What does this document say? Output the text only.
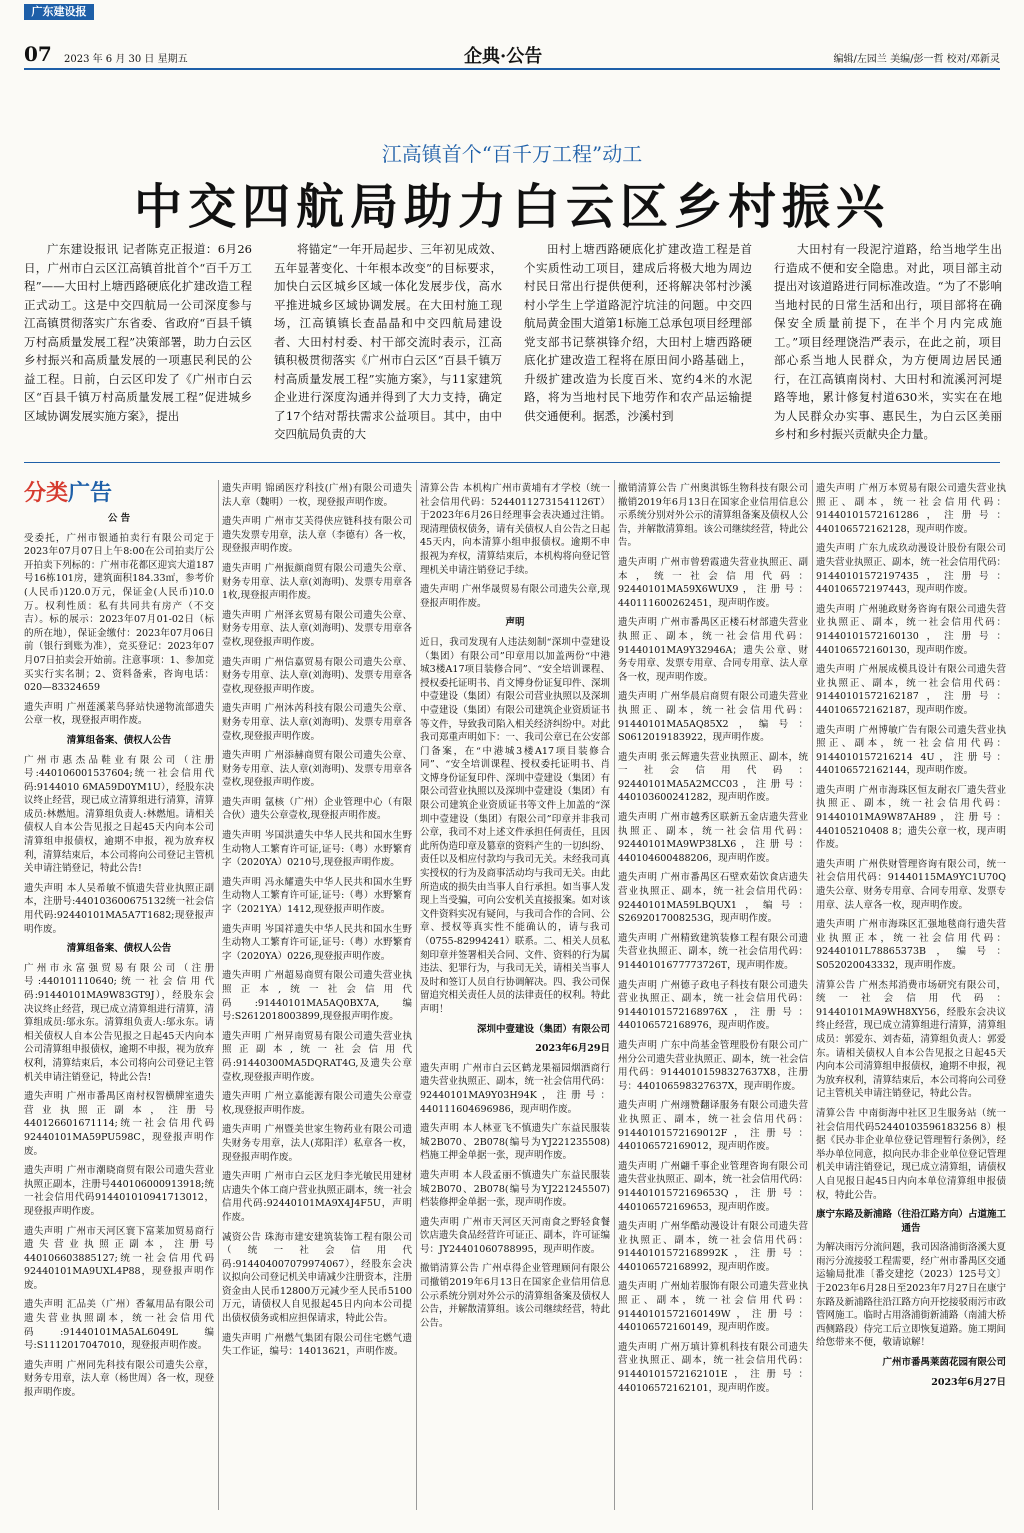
广东建设报
07 2023 年 6 月 30 日 星期五	企典·公告	编辑/左园兰 美编/彭一哲 校对/邓新灵
江高镇首个“百千万工程”动工
中交四航局助力白云区乡村振兴

广东建设报讯 记者陈克正报道：6月26日，广州市白云区江高镇首批首个“百千万工程”——大田村上塘西路硬底化扩建改造工程正式动工。这是中交四航局一公司深度参与江高镇贯彻落实广东省委、省政府“百县千镇万村高质量发展工程”决策部署，助力白云区乡村振兴和高质量发展的一项惠民利民的公益工程。日前，白云区印发了《广州市白云区“百县千镇万村高质量发展工程”促进城乡区域协调发展实施方案》，提出

将锚定“一年开局起步、三年初见成效、五年显著变化、十年根本改变”的目标要求，加快白云区城乡区域一体化发展步伐，高水平推进城乡区域协调发展。在大田村施工现场，江高镇镇长查晶晶和中交四航局建设者、大田村村委、村干部交流时表示，江高镇积极贯彻落实《广州市白云区“百县千镇万村高质量发展工程”实施方案》，与11家建筑企业进行深度沟通并得到了大力支持，确定了17个结对帮扶需求公益项目。其中，由中交四航局负责的大

田村上塘西路硬底化扩建改造工程是首个实质性动工项目，建成后将极大地为周边村民日常出行提供便利，还将解决邻村沙溪村小学生上学道路泥泞坑洼的问题。中交四航局黄金围大道第1标施工总承包项目经理部党支部书记蔡祺锋介绍，大田村上塘西路硬底化扩建改造工程将在原田间小路基础上，升级扩建改造为长度百米、宽约4米的水泥路，将为当地村民下地劳作和农产品运输提供交通便利。据悉，沙溪村到

大田村有一段泥泞道路，给当地学生出行造成不便和安全隐患。对此，项目部主动提出对该道路进行同标准改造。“为了不影响当地村民的日常生活和出行，项目部将在确保安全质量前提下，在半个月内完成施工。”项目经理饶浩严表示，在此之前，项目部心系当地人民群众，为方便周边居民通行，在江高镇南岗村、大田村和流溪河河堤路等地，累计修复村道630米，实实在在地为人民群众办实事、惠民生，为白云区美丽乡村和乡村振兴贡献央企力量。

分类广告
公 告
受委托，广州市银通拍卖行有限公司定于2023年07月07日上午8:00在公司拍卖厅公开拍卖下列标的：广州市花都区迎宾大道187号16栋101房，建筑面积184.33㎡，参考价(人民币)120.0万元，保证金(人民币)10.0万。权利性质：私有共同共有房产（不交吉）。标的展示：2023年07月01-02日（标的所在地），保证金缴付：2023年07月06日前（银行到账为准），竞买登记：2023年07月07日拍卖会开始前。注意事项：1、参加竞买实行实名制；2、资料备索，咨询电话：020—83324659
遗失声明 广州莲溪莱鸟驿站快递物流部遗失公章一枚，现登报声明作废。
清算组备案、债权人公告
广州市惠杰品鞋业有限公司（注册号:440106001537604;统一社会信用代码:9144010 6MA59D0YM1U），经股东决议终止经营，现已成立清算组进行清算，清算成员:林燃旭。清算组负责人:林燃旭。请相关债权人自本公告见报之日起45天内向本公司清算组申报债权，逾期不申报，视为放弃权利，清算结束后，本公司将向公司登记主管机关申请注销登记，特此公告!
遗失声明 本人吴希敏不慎遗失营业执照正副本，注册号:440103600675132统一社会信用代码:92440101MA5A7T1682;现登报声明作废。
清算组备案、债权人公告
广州市永富强贸易有限公司（注册号:440101110640;统一社会信用代码:91440101MA9W83GT9J），经股东会决议终止经营，现已成立清算组进行清算，清算组成员:邬永东。清算组负责人:邬永东。请相关债权人自本公告见报之日起45天内向本公司清算组申报债权，逾期不申报，视为放弃权利，清算结束后，本公司将向公司登记主管机关申请注销登记，特此公告!
遗失声明 广州市番禺区南村权智横牌室遗失营业执照正副本，注册号440126601671114;统一社会信用代码92440101MA59PU598C，现登报声明作废。
遗失声明 广州市潮晓商贸有限公司遗失营业执照正副本，注册号440106000913918;统一社会信用代码914401010941713012，现登报声明作废。
遗失声明 广州市天河区寰下富莱加贸易商行遗失营业执照正副本，注册号440106603885127;统一社会信用代码92440101MA9UXL4P88，现登报声明作废。
遗失声明 汇品美（广州）香氟用品有限公司遗失营业执照副本，统一社会信用代码:91440101MA5AL6049L编号:S1112017047010，现登报声明作废。
遗失声明 广州同先科技有限公司遗失公章，财务专用章，法人章（杨世周）各一枚，现登报声明作废。
遗失声明 锦函医疗科技(广州)有限公司遗失法人章（魏明）一枚，现登报声明作废。
遗失声明 广州市艾芙得侠应链科技有限公司遗失发票专用章，法人章（李德有）各一枚，现登报声明作废。
遗失声明 广州振颜商贸有限公司遗失公章、财务专用章、法人章(刘海明)、发票专用章各1枚,现登报声明作废。
遗失声明 广州泽玄贸易有限公司遗失公章、财务专用章、法人章(刘海明)、发票专用章各壹枚,现登报声明作废。
遗失声明 广州信嘉贸易有限公司遗失公章、财务专用章、法人章(刘海明)、发票专用章各壹枚,现登报声明作废。
遗失声明 广州沐芮科技有限公司遗失公章、财务专用章、法人章(刘海明)、发票专用章各壹枚,现登报声明作废。
遗失声明 广州添赫商贸有限公司遗失公章、财务专用章、法人章(刘海明)、发票专用章各壹枚,现登报声明作废。
遗失声明 氩核（广州）企业管理中心（有限合伙）遗失公章壹枚,现登报声明作废。
遗失声明 岑国洪遗失中华人民共和国水生野生动物人工繁育许可证,证号:（粤）水野繁育字（2020YA）0210号,现登报声明作废。
遗失声明 冯永耀遗失中华人民共和国水生野生动物人工繁育许可证,证号:（粤）水野繁育字（2021YA）1412,现登报声明作废。
遗失声明 岑国祥遗失中华人民共和国水生野生动物人工繁育许可证,证号:（粤）水野繁育字（2020YA）0226,现登报声明作废。
遗失声明 广州超易商贸有限公司遗失营业执照正本,统一社会信用代码:91440101MA5AQ0BX7A,编号:S2612018003899,现登报声明作废。
遗失声明 广州昇南贸易有限公司遗失营业执照正副本,统一社会信用代码:91440300MA5DQRAT4G,及遗失公章壹枚,现登报声明作废。
遗失声明 广州立嘉能源有限公司遗失公章壹枚,现登报声明作废。
遗失声明 广州暨美世家生物药业有限公司遗失财务专用章，法人(郑阳洋）私章各一枚，现登报声明作废。
遗失声明 广州市白云区龙归李光敏民用建材店遗失个体工商户营业执照正副本，统一社会信用代码:92440101MA9X4J4F5U，声明作废。
减资公告 珠海市建安建筑装饰工程有限公司（统一社会信用代码:914404007079974067），经股东会决议拟向公司登记机关申请减少注册资本，注册资金由人民币12800万元减少至人民币5100万元，请债权人自见报起45日内向本公司提出债权债务或相应担保请求，特此公告。
遗失声明 广州燃气集团有限公司住宅燃气遗失工作证，编号：14013621，声明作废。
清算公告 本机构广州市黄埔有才学校（统一社会信用代码：52440112731541126T）于2023年6月26日经理事会表决通过注销。现清理债权债务，请有关债权人自公告之日起45天内，向本清算小组申报债权。逾期不申报视为弃权，清算结束后，本机构将向登记管理机关申请注销登记手续。
遗失声明 广州华晟贸易有限公司遗失公章,现登报声明作废。
声明
近日，我司发现有人违法刻制“深圳中壹建设（集团）有限公司”印章用以加盖两份“中港城3楼A17项目装修合同”、“安全培训课程、授权委托证明书、肖文博身份证复印件、深圳中壹建设（集团）有限公司营业执照以及深圳中壹建设（集团）有限公司建筑企业资质证书等文件，导致我司陷入相关经济纠纷中。对此我司郑重声明如下：一、我司公章已在公安部门备案，在“中港城3楼A17项目装修合同”、“安全培训课程、授权委托证明书、肖文博身份证复印件、深圳中壹建设（集团）有限公司营业执照以及深圳中壹建设（集团）有限公司建筑企业资质证书等文件上加盖的“深圳中壹建设（集团）有限公司”印章并非我司公章，我司不对上述文件承担任何责任，且因此所伪造印章及篡章的资料产生的一切纠纷、责任以及相应付款均与我司无关。未经我司真实授权的行为及商事活动均与我司无关。由此所造成的损失由当事人自行承担。如当事人发现上当受骗，可向公安机关直接报案。如对该文件资料实况有疑问，与我司合作的合同、公章、授权等真实性不能确认的，请与我司（0755-82994241）联系。二、相关人员私刻印章并签署相关合同、文件、资料的行为属违法、犯罪行为，与我司无关，请相关当事人及时和签订人员自行协调解决。四、我公司保留追究相关责任人员的法律责任的权利。特此声明！
深圳中壹建设（集团）有限公司
2023年6月29日
遗失声明 广州市白云区鹤龙果福园烟酒商行遗失营业执照正、副本，统一社会信用代码：92440101MA9Y03H94K，注册号：440111604696986，现声明作废。
遗失声明 本人林亚飞不慎遗失广东益民服装城2B070、2B078(编号为YJ221235508)档施工押金单据一张，现声明作废。
遗失声明 本人段孟丽不慎遗失广东益民服装城2B070、2B078(编号为YJ221245507)档装修押金单据一张，现声明作废。
遗失声明 广州市天河区天河南食之野轻食餐饮店遗失食品经营许可证正、副本，许可证编号：JY24401060788995，现声明作废。
撤销清算公告 广州卓得企业管理顾问有限公司撤销2019年6月13日在国家企业信用信息公示系统分别对外公示的清算组备案及债权人公告，并解散清算组。该公司继续经营，特此公告。
撤销清算公告 广州奥淇铄生物科技有限公司撤销2019年6月13日在国家企业信用信息公示系统分别对外公示的清算组备案及债权人公告，并解散清算组。该公司继续经营，特此公告。
遗失声明 广州市曾碧霞遗失营业执照正、副本，统一社会信用代码：92440101MA59X6WUX9，注册号：440111600262451，现声明作废。
遗失声明 广州市番禺区正楼石材部遗失营业执照正、副本，统一社会信用代码：91440101MA9Y32946A；遗失公章、财务专用章、发票专用章、合同专用章、法人章各一枚，现声明作废。
遗失声明 广州华晨启商贸有限公司遗失营业执照正、副本，统一社会信用代码：91440101MA5AQ85X2，编号：S0612019183922，现声明作废。
遗失声明 张云辉遗失营业执照正、副本，统一社会信用代码：92440101MA5A2MCC03，注册号：440103600241282，现声明作废。
遗失声明 广州市越秀区联新五金店遗失营业执照正、副本，统一社会信用代码：92440101MA9WP38LX6，注册号：440104600488206，现声明作废。
遗失声明 广州市番禺区石壁欢茹饮食店遗失营业执照正、副本，统一社会信用代码：92440101MA59LBQUX1，编号：S2692017008253G，现声明作废。
遗失声明 广州精致建筑装修工程有限公司遗失营业执照正、副本，统一社会信用代码：91440101677773726T，现声明作废。
遗失声明 广州德子政电子科技有限公司遗失营业执照正、副本，统一社会信用代码：91440101572168976X，注册号：440106572168976，现声明作废。
遗失声明 广东中尚基金管理股份有限公司广州分公司遗失营业执照正、副本，统一社会信用代码：91440101598327637X8，注册号：440106598327637X，现声明作废。
遗失声明 广州翊赞翻译服务有限公司遗失营业执照正、副本，统一社会信用代码：91440101572169012F，注册号：440106572169012，现声明作废。
遗失声明 广州翩千事企业管理咨询有限公司遗失营业执照正、副本，统一社会信用代码：91440101572169653Q，注册号：440106572169653，现声明作废。
遗失声明 广州华酷动漫设计有限公司遗失营业执照正、副本，统一社会信用代码：91440101572168992K，注册号：440106572168992，现声明作废。
遗失声明 广州灿若服饰有限公司遗失营业执照正、副本，统一社会信用代码：91440101572160149W，注册号：440106572160149，现声明作废。
遗失声明 广州万填计算机科技有限公司遗失营业执照正、副本，统一社会信用代码：91440101572162101E，注册号：440106572162101，现声明作废。
遗失声明 广州万本贸易有限公司遗失营业执照正、副本，统一社会信用代码：91440101572161286，注册号：440106572162128，现声明作废。
遗失声明 广东九成玖动漫设计股份有限公司遗失营业执照正、副本，统一社会信用代码：91440101572197435，注册号：440106572197443，现声明作废。
遗失声明 广州驰政财务咨询有限公司遗失营业执照正、副本，统一社会信用代码：91440101572160130，注册号：440106572160130，现声明作废。
遗失声明 广州展成模具设计有限公司遗失营业执照正、副本，统一社会信用代码：91440101572162187，注册号：440106572162187，现声明作废。
遗失声明 广州博敏广告有限公司遗失营业执照正、副本，统一社会信用代码：9144010157216214 4U，注册号：440106572162144，现声明作废。
遗失声明 广州市海珠区恒友耐衣厂遗失营业执照正、副本，统一社会信用代码：91440101MA9W87AH89，注册号：440105210408 8；遗失公章一枚，现声明作废。
遗失声明 广州佚财管理咨询有限公司，统一社会信用代码：91440115MA9YC1U70Q遗失公章、财务专用章、合同专用章、发票专用章、法人章各一枚，现声明作废。
遗失声明 广州市海珠区汇强地毯商行遗失营业执照正本，统一社会信用代码：92440101L78865373B，编号：S052020043332，现声明作废。
清算公告 广州杰邦消费市场研究有限公司，统一社会信用代码：91440101MA9WH8XY56，经股东会决议终止经营，现已成立清算组进行清算，清算组成员：郭爱东、刘杏茹，清算组负责人：郭爱东。请相关债权人自本公告见报之日起45天内向本公司清算组申报债权，逾期不申报，视为放弃权利，清算结束后，本公司将向公司登记主管机关申请注销登记，特此公告。
清算公告 中南街海中社区卫生服务站（统一社会信用代码52440103596183256 8）根据《民办非企业单位登记管理暂行条例》，经举办单位同意，拟向民办非企业单位登记管理机关申请注销登记，现已成立清算组，请债权人自见报日起45日内向本单位清算组申报债权，特此公告。
康宁东路及新浦路（往沿江路方向）占道施工通告
为解决雨污分流问题，我司因洛浦街洛溪大夏雨污分流接驳工程需要，经广州市番禺区交通运输局批准〔番交建挖（2023）125号文〕于2023年6月28日至2023年7月27日在康宁东路及新浦路往沿江路方向开挖接驳雨污市政管网施工。临时占用洛浦街新浦路（南浦大桥西侧路段）侍完工后立即恢复道路。施工期间给您带来不便，敬请谅解！
广州市番禺莱茵花园有限公司
2023年6月27日
